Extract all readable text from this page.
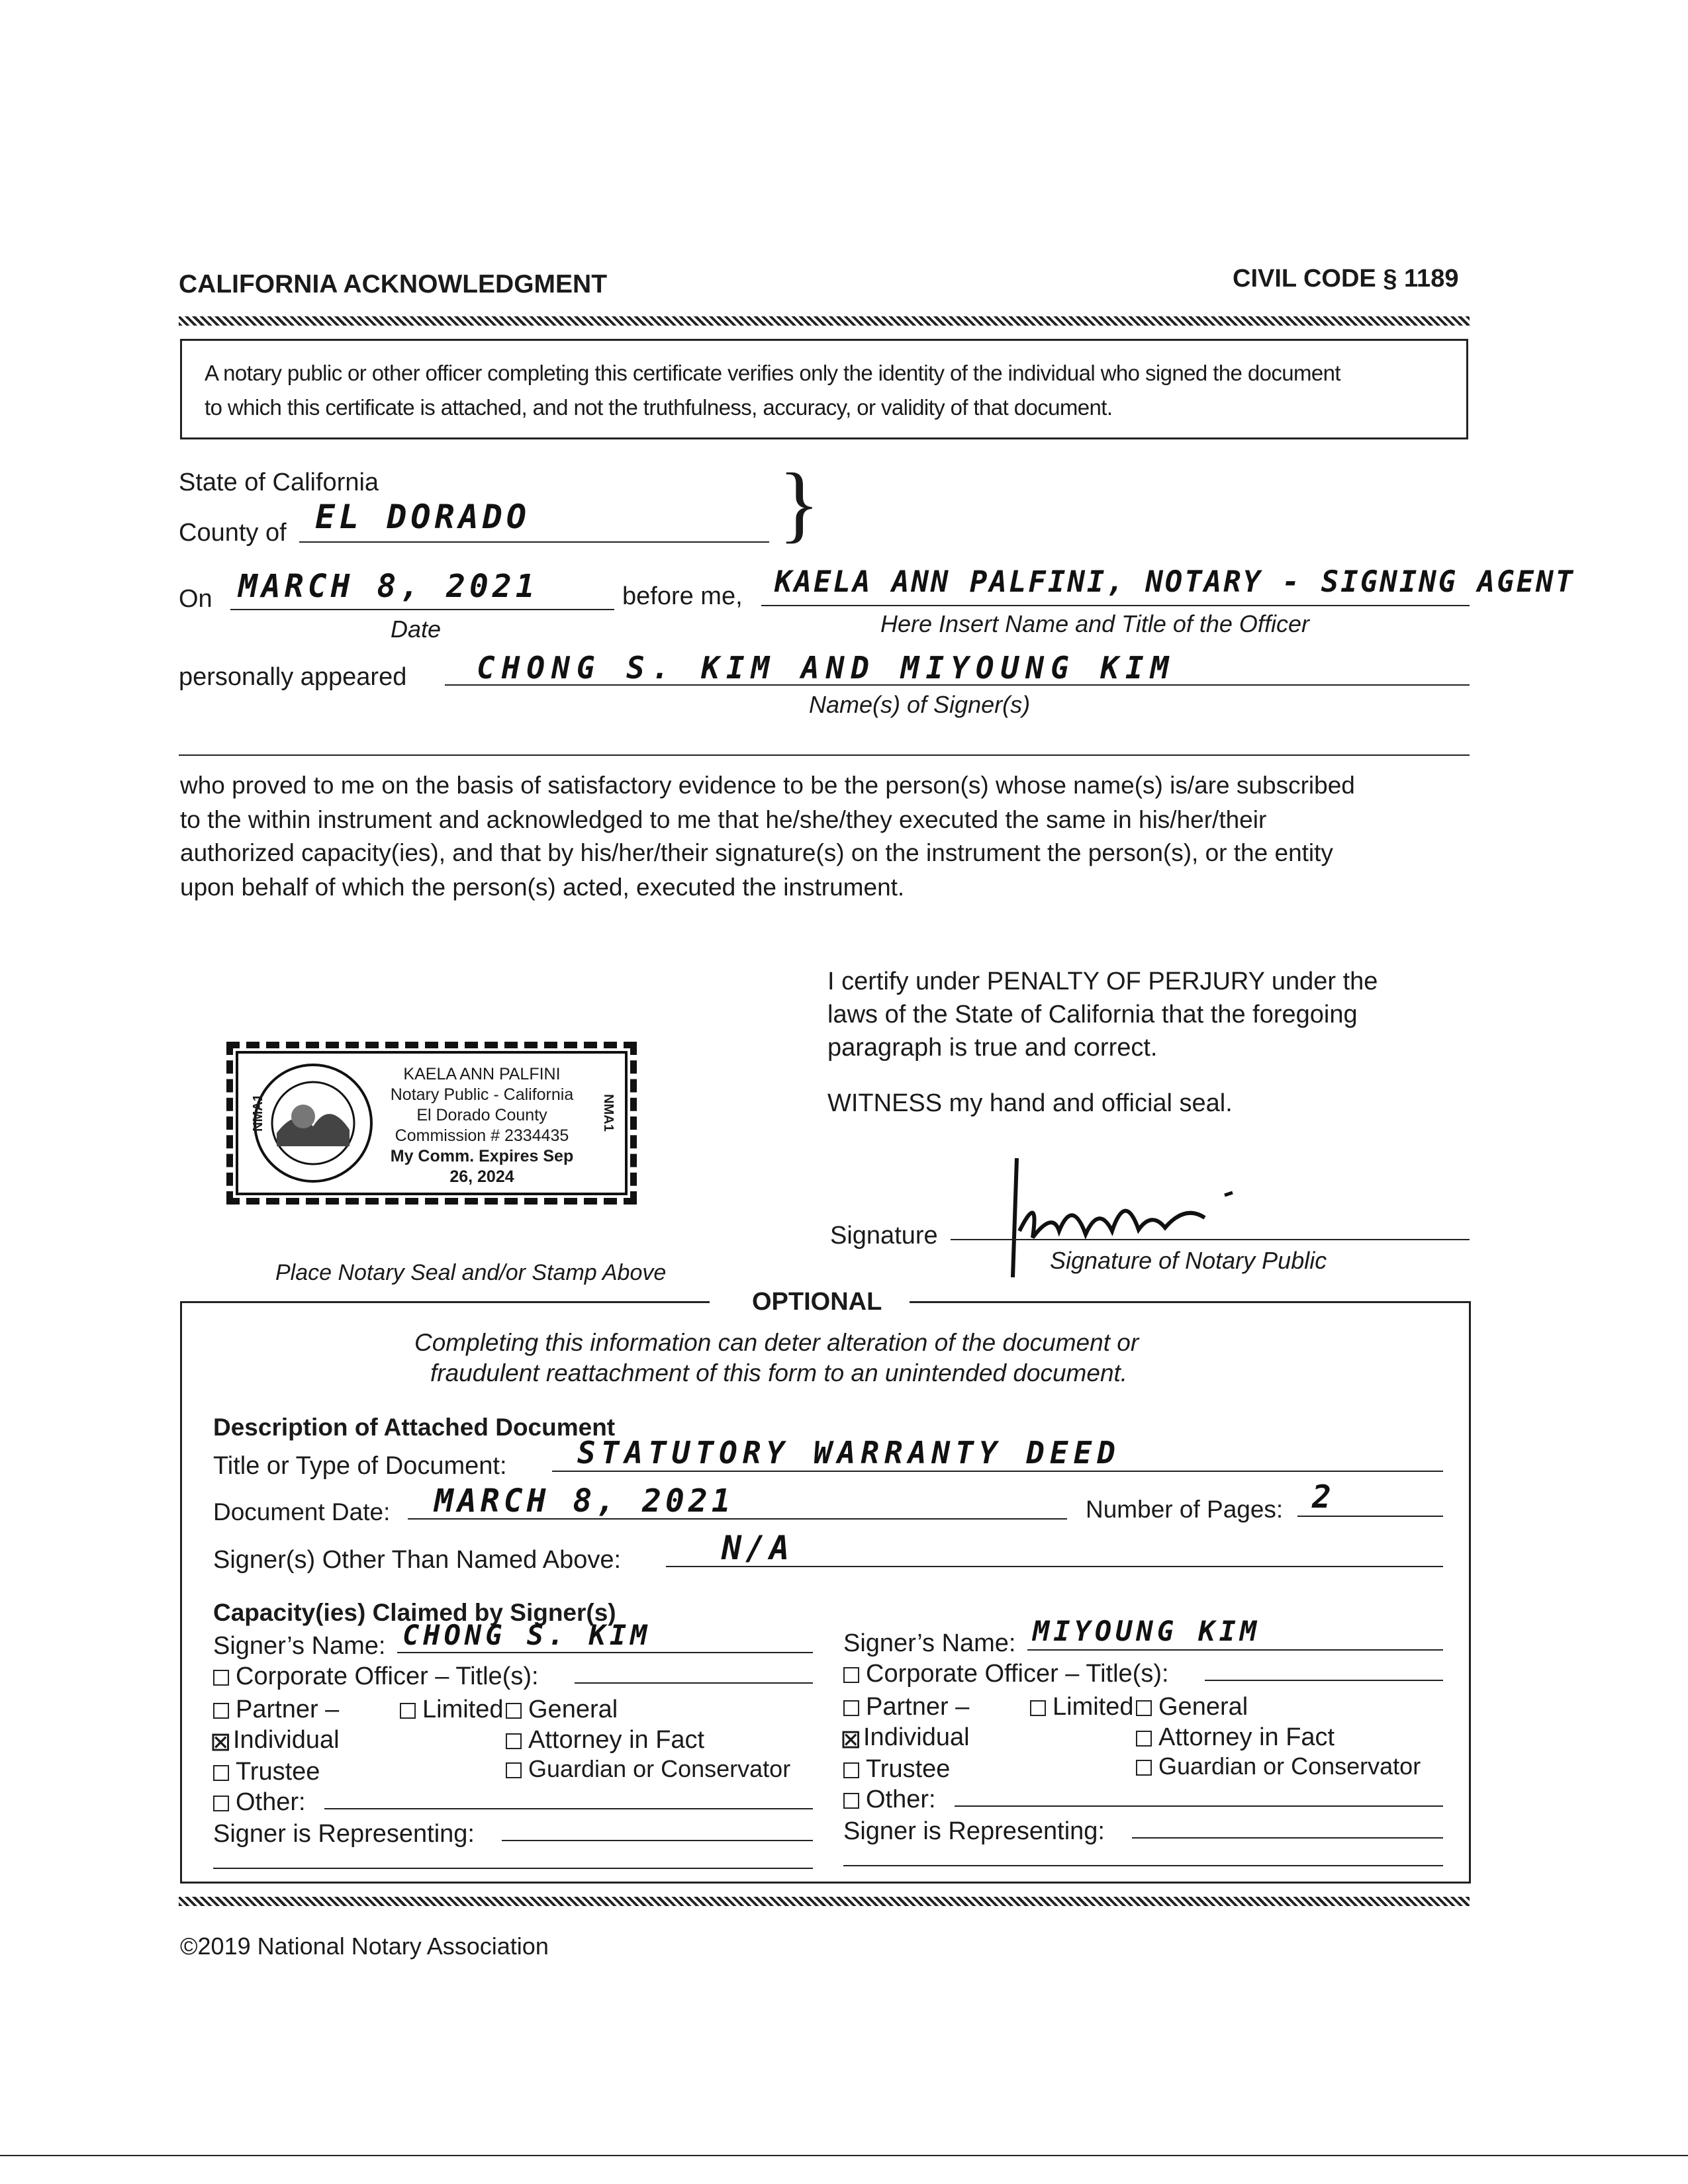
CALIFORNIA ACKNOWLEDGMENT	CIVIL CODE § 1189
A notary public or other officer completing this certificate verifies only the identity of the individual who signed the document
to which this certificate is attached, and not the truthfulness, accuracy, or validity of that document.
State of California
County of EL DORADO	}
On MARCH 8, 2021
Date
before me, KAELA ANN PALFINI, NOTARY - SIGNING AGENT
Here Insert Name and Title of the Officer
personally appeared CHONG S. KIM AND MIYOUNG KIM
Name(s) of Signer(s)
who proved to me on the basis of satisfactory evidence to be the person(s) whose name(s) is/are subscribed
to the within instrument and acknowledged to me that he/she/they executed the same in his/her/their
authorized capacity(ies), and that by his/her/their signature(s) on the instrument the person(s), or the entity
upon behalf of which the person(s) acted, executed the instrument.
I certify under PENALTY OF PERJURY under the
laws of the State of California that the foregoing
paragraph is true and correct.
WITNESS my hand and official seal.
NMA1	NMA1
KAELA ANN PALFINI
Notary Public - California
El Dorado County
Commission # 2334435
My Comm. Expires Sep 26, 2024
Place Notary Seal and/or Stamp Above
Signature
Signature of Notary Public
OPTIONAL
Completing this information can deter alteration of the document or
fraudulent reattachment of this form to an unintended document.
Description of Attached Document
Title or Type of Document: STATUTORY WARRANTY DEED
Document Date: MARCH 8, 2021	Number of Pages: 2
Signer(s) Other Than Named Above:	N/A
Capacity(ies) Claimed by Signer(s)
Signer’s Name: CHONG S. KIM
Corporate Officer – Title(s):
Partner –	Limited General
☒Individual	Attorney in Fact
Trustee	Guardian or Conservator
Other:
Signer is Representing:
Signer’s Name: MIYOUNG KIM
Corporate Officer – Title(s):
Partner –	Limited General
☒Individual	Attorney in Fact
Trustee	Guardian or Conservator
Other:
Signer is Representing:
©2019 National Notary Association
